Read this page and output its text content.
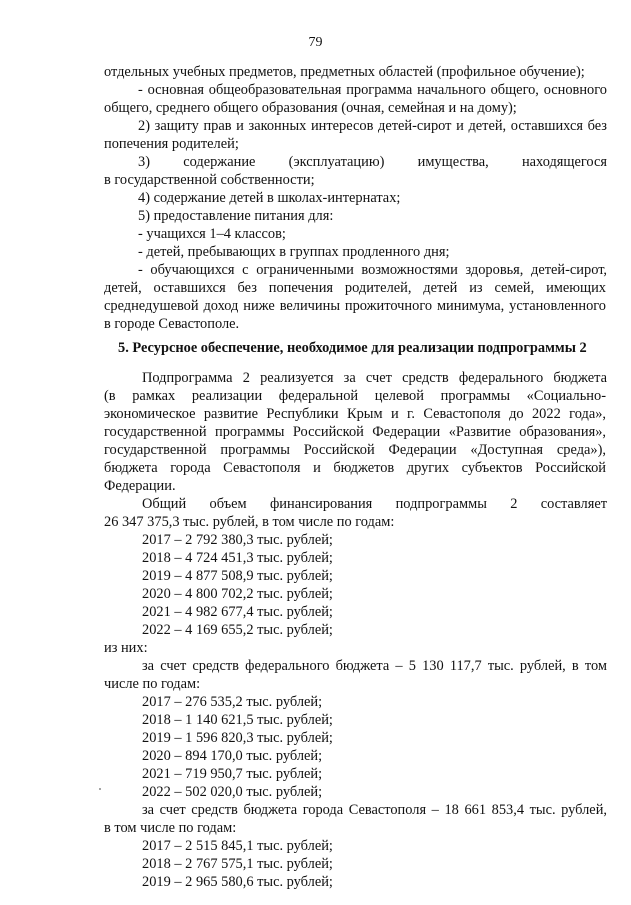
79
отдельных учебных предметов, предметных областей (профильное обучение);
- основная общеобразовательная программа начального общего, основного
общего, среднего общего образования (очная, семейная и на дому);
2) защиту прав и законных интересов детей-сирот и детей, оставшихся без
попечения родителей;
3) содержание (эксплуатацию) имущества, находящегося
в государственной собственности;
4) содержание детей в школах-интернатах;
5) предоставление питания для:
- учащихся 1–4 классов;
- детей, пребывающих в группах продленного дня;
- обучающихся с ограниченными возможностями здоровья, детей-сирот,
детей, оставшихся без попечения родителей, детей из семей, имеющих
среднедушевой доход ниже величины прожиточного минимума, установленного
в городе Севастополе.
5. Ресурсное обеспечение, необходимое для реализации подпрограммы 2
Подпрограмма 2 реализуется за счет средств федерального бюджета
(в рамках реализации федеральной целевой программы «Социально-
экономическое развитие Республики Крым и г. Севастополя до 2022 года»,
государственной программы Российской Федерации «Развитие образования»,
государственной программы Российской Федерации «Доступная среда»),
бюджета города Севастополя и бюджетов других субъектов Российской
Федерации.
Общий объем финансирования подпрограммы 2 составляет
26 347 375,3 тыс. рублей, в том числе по годам:
2017 – 2 792 380,3 тыс. рублей;
2018 – 4 724 451,3 тыс. рублей;
2019 – 4 877 508,9 тыс. рублей;
2020 – 4 800 702,2 тыс. рублей;
2021 – 4 982 677,4 тыс. рублей;
2022 – 4 169 655,2 тыс. рублей;
из них:
за счет средств федерального бюджета – 5 130 117,7 тыс. рублей, в том
числе по годам:
2017 – 276 535,2 тыс. рублей;
2018 – 1 140 621,5 тыс. рублей;
2019 – 1 596 820,3 тыс. рублей;
2020 – 894 170,0 тыс. рублей;
2021 – 719 950,7 тыс. рублей;
2022 – 502 020,0 тыс. рублей;
за счет средств бюджета города Севастополя – 18 661 853,4 тыс. рублей,
в том числе по годам:
2017 – 2 515 845,1 тыс. рублей;
2018 – 2 767 575,1 тыс. рублей;
2019 – 2 965 580,6 тыс. рублей;
